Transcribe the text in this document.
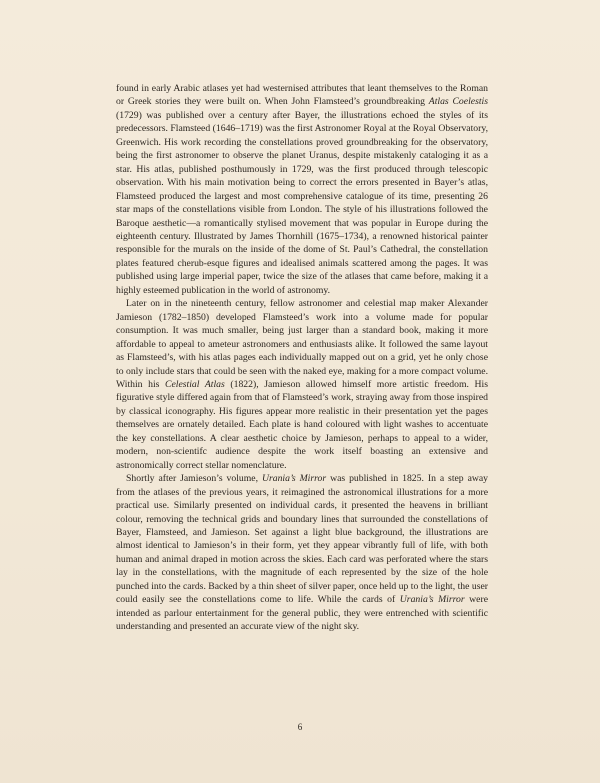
found in early Arabic atlases yet had westernised attributes that leant themselves to the Roman or Greek stories they were built on. When John Flamsteed’s groundbreaking Atlas Coelestis (1729) was published over a century after Bayer, the illustrations echoed the styles of its predecessors. Flamsteed (1646–1719) was the first Astronomer Royal at the Royal Observatory, Greenwich. His work recording the constellations proved groundbreaking for the observatory, being the first astronomer to observe the planet Uranus, despite mistakenly cataloging it as a star. His atlas, published posthumously in 1729, was the first produced through telescopic observation. With his main motivation being to correct the errors presented in Bayer’s atlas, Flamsteed produced the largest and most comprehensive catalogue of its time, presenting 26 star maps of the constellations visible from London. The style of his illustrations followed the Baroque aesthetic—a romantically stylised movement that was popular in Europe during the eighteenth century. Illustrated by James Thornhill (1675–1734), a renowned historical painter responsible for the murals on the inside of the dome of St. Paul’s Cathedral, the constellation plates featured cherub-esque figures and idealised animals scattered among the pages. It was published using large imperial paper, twice the size of the atlases that came before, making it a highly esteemed publication in the world of astronomy.

Later on in the nineteenth century, fellow astronomer and celestial map maker Alexander Jamieson (1782–1850) developed Flamsteed’s work into a volume made for popular consumption. It was much smaller, being just larger than a standard book, making it more affordable to appeal to ameteur astronomers and enthusiasts alike. It followed the same layout as Flamsteed’s, with his atlas pages each individually mapped out on a grid, yet he only chose to only include stars that could be seen with the naked eye, making for a more compact volume. Within his Celestial Atlas (1822), Jamieson allowed himself more artistic freedom. His figurative style differed again from that of Flamsteed’s work, straying away from those inspired by classical iconography. His figures appear more realistic in their presentation yet the pages themselves are ornately detailed. Each plate is hand coloured with light washes to accentuate the key constellations. A clear aesthetic choice by Jamieson, perhaps to appeal to a wider, modern, non-scientifc audience despite the work itself boasting an extensive and astronomically correct stellar nomenclature.

Shortly after Jamieson’s volume, Urania’s Mirror was published in 1825. In a step away from the atlases of the previous years, it reimagined the astronomical illustrations for a more practical use. Similarly presented on individual cards, it presented the heavens in brilliant colour, removing the technical grids and boundary lines that surrounded the constellations of Bayer, Flamsteed, and Jamieson. Set against a light blue background, the illustrations are almost identical to Jamieson’s in their form, yet they appear vibrantly full of life, with both human and animal draped in motion across the skies. Each card was perforated where the stars lay in the constellations, with the magnitude of each represented by the size of the hole punched into the cards. Backed by a thin sheet of silver paper, once held up to the light, the user could easily see the constellations come to life. While the cards of Urania’s Mirror were intended as parlour entertainment for the general public, they were entrenched with scientific understanding and presented an accurate view of the night sky.

6
